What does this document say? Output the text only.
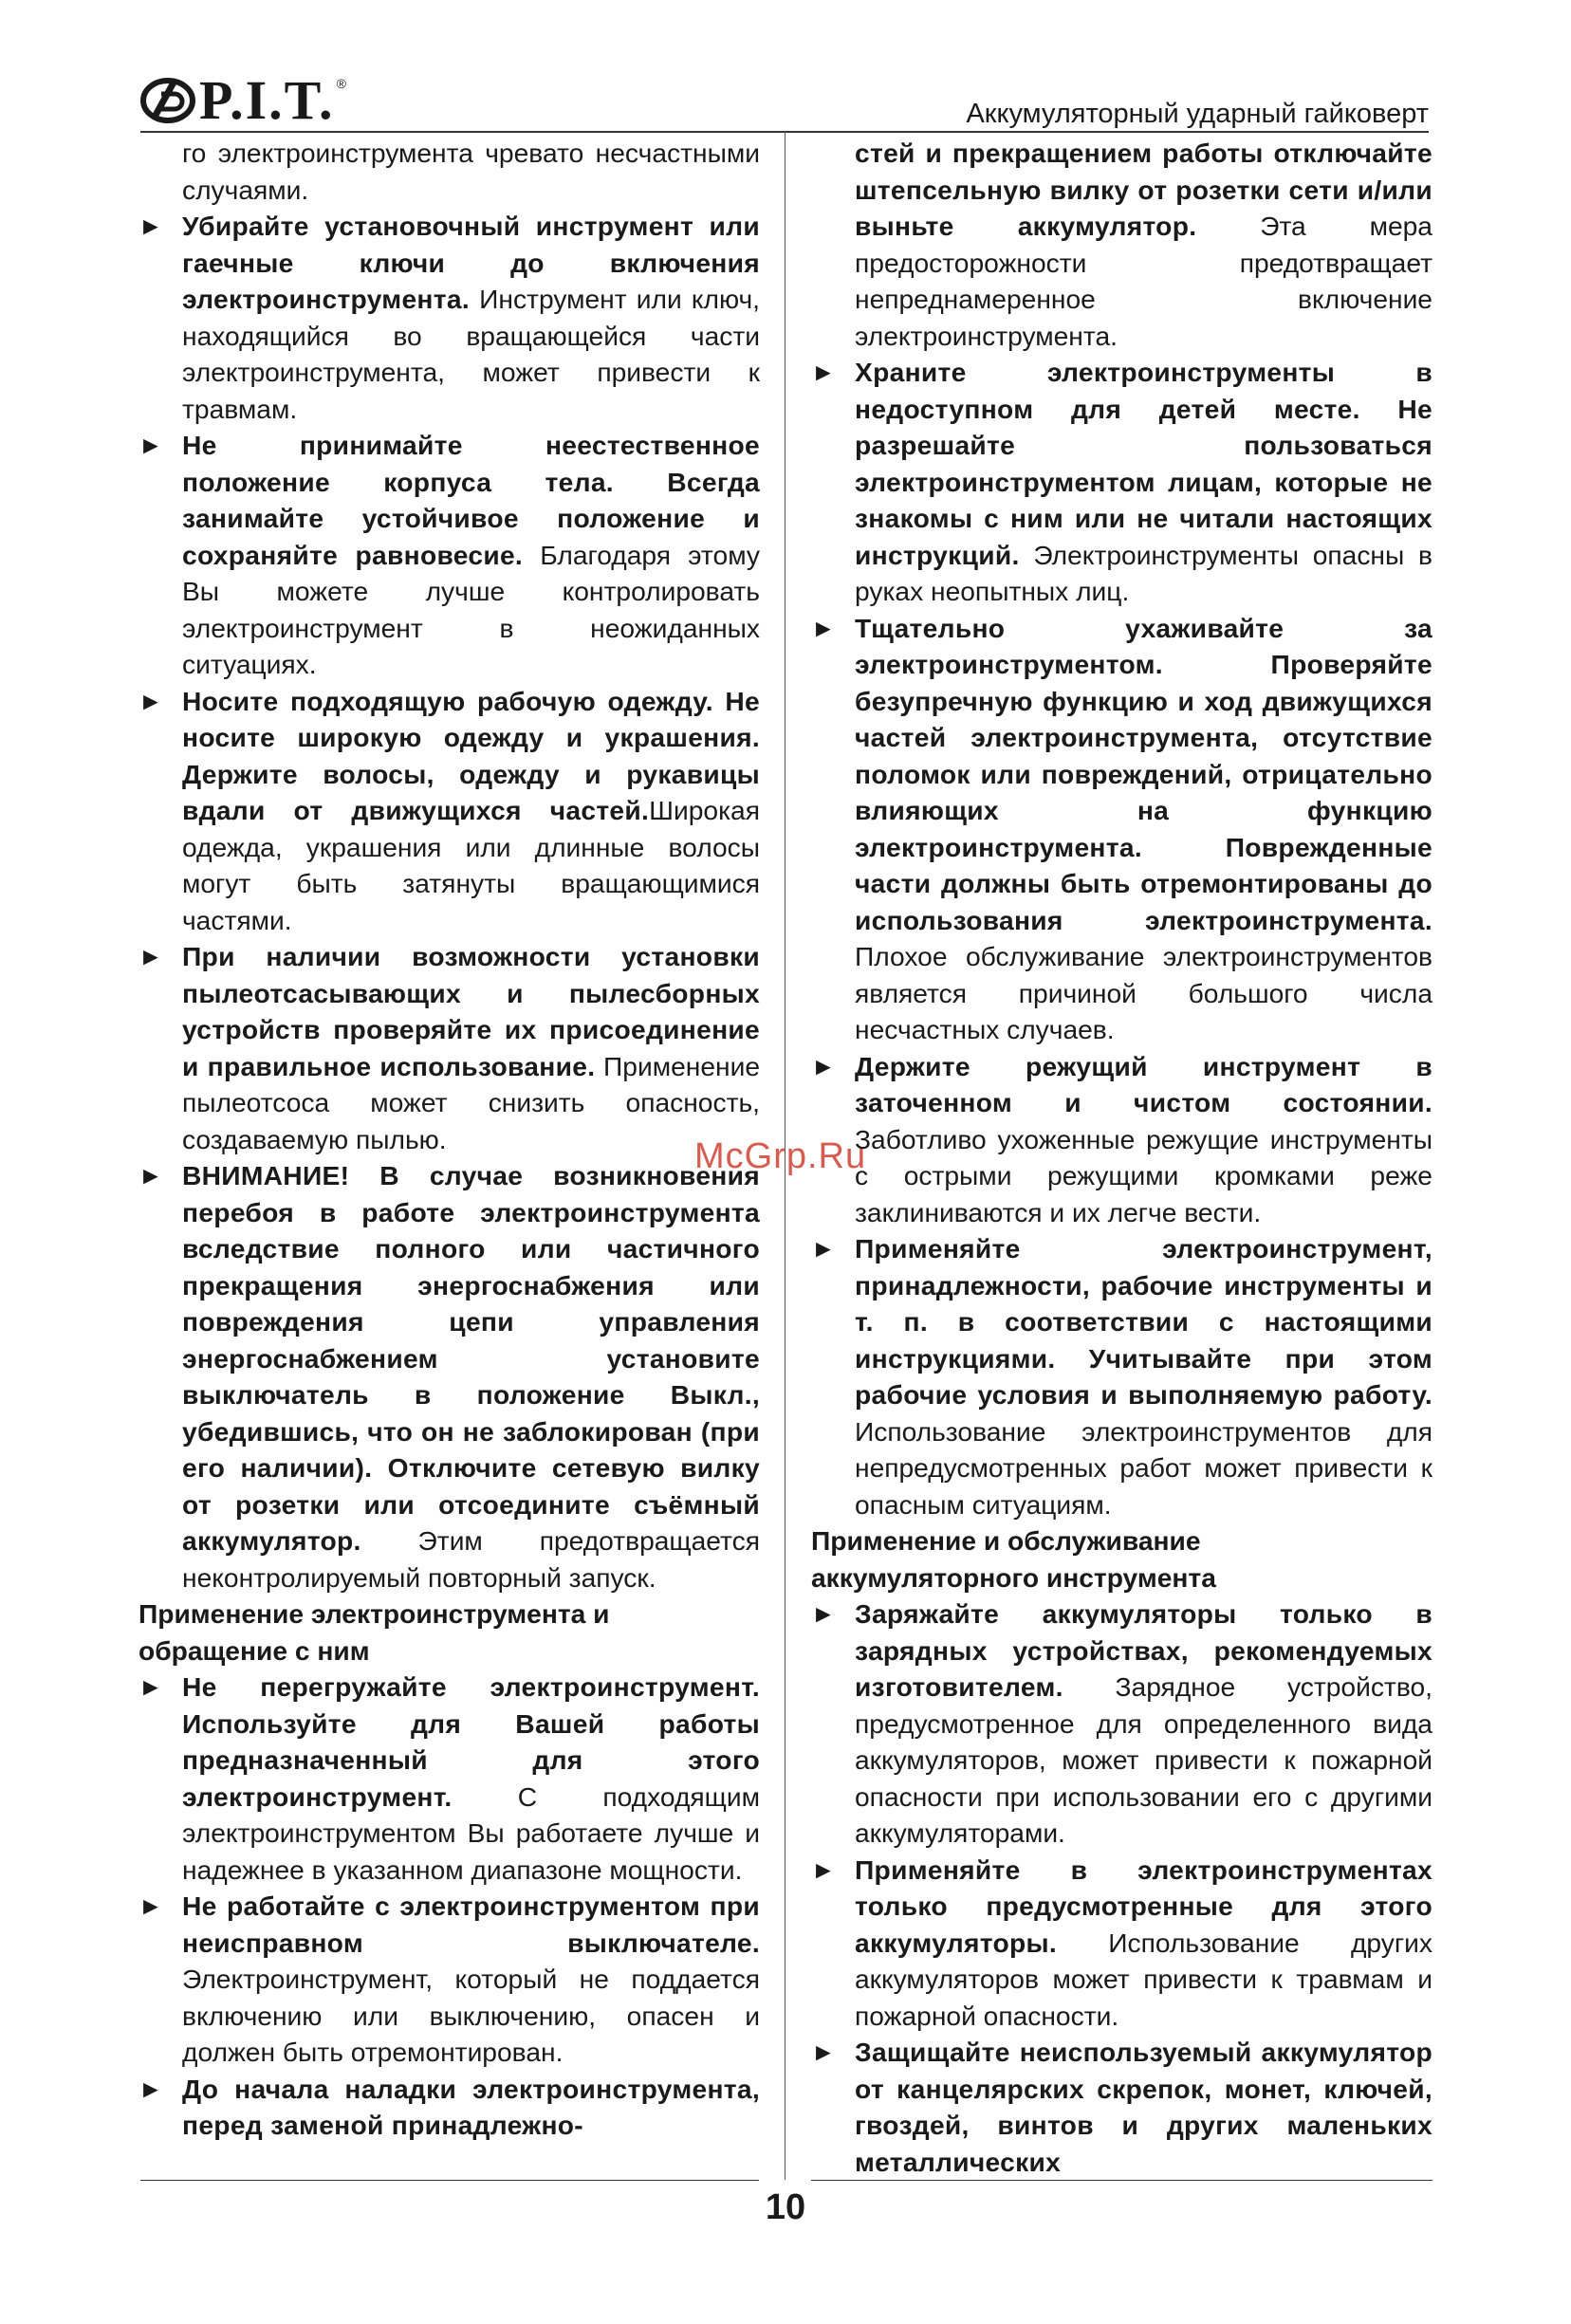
P.I.T. ®
Аккумуляторный ударный гайковерт
го электроинструмента чревато несчастными случаями.
► Убирайте установочный инструмент или гаечные ключи до включения электроинструмента. Инструмент или ключ, находящийся во вращающейся части электроинструмента, может привести к травмам.
► Не принимайте неестественное положение корпуса тела. Всегда занимайте устойчивое положение и сохраняйте равновесие. Благодаря этому Вы можете лучше контролировать электроинструмент в неожиданных ситуациях.
► Носите подходящую рабочую одежду. Не носите широкую одежду и украшения. Держите волосы, одежду и рукавицы вдали от движущихся частей.Широкая одежда, украшения или длинные волосы могут быть затянуты вращающимися частями.
► При наличии возможности установки пылеотсасывающих и пылесборных устройств проверяйте их присоединение и правильное использование. Применение пылеотсоса может снизить опасность, создаваемую пылью.
► ВНИМАНИЕ! В случае возникновения перебоя в работе электроинструмента вследствие полного или частичного прекращения энергоснабжения или повреждения цепи управления энергоснабжением установите выключатель в положение Выкл., убедившись, что он не заблокирован (при его наличии). Отключите сетевую вилку от розетки или отсоедините съёмный аккумулятор. Этим предотвращается неконтролируемый повторный запуск.
Применение электроинструмента и обращение с ним
► Не перегружайте электроинструмент. Используйте для Вашей работы предназначенный для этого электроинструмент. С подходящим электроинструментом Вы работаете лучше и надежнее в указанном диапазоне мощности.
► Не работайте с электроинструментом при неисправном выключателе. Электроинструмент, который не поддается включению или выключению, опасен и должен быть отремонтирован.
► До начала наладки электроинструмента, перед заменой принадлежно-
стей и прекращением работы отключайте штепсельную вилку от розетки сети и/или выньте аккумулятор. Эта мера предосторожности предотвращает непреднамеренное включение электроинструмента.
► Храните электроинструменты в недоступном для детей месте. Не разрешайте пользоваться электроинструментом лицам, которые не знакомы с ним или не читали настоящих инструкций. Электроинструменты опасны в руках неопытных лиц.
► Тщательно ухаживайте за электроинструментом. Проверяйте безупречную функцию и ход движущихся частей электроинструмента, отсутствие поломок или повреждений, отрицательно влияющих на функцию электроинструмента. Поврежденные части должны быть отремонтированы до использования электроинструмента. Плохое обслуживание электроинструментов является причиной большого числа несчастных случаев.
► Держите режущий инструмент в заточенном и чистом состоянии. Заботливо ухоженные режущие инструменты с острыми режущими кромками реже заклиниваются и их легче вести.
► Применяйте электроинструмент, принадлежности, рабочие инструменты и т. п. в соответствии с настоящими инструкциями. Учитывайте при этом рабочие условия и выполняемую работу. Использование электроинструментов для непредусмотренных работ может привести к опасным ситуациям.
Применение и обслуживание аккумуляторного инструмента
► Заряжайте аккумуляторы только в зарядных устройствах, рекомендуемых изготовителем. Зарядное устройство, предусмотренное для определенного вида аккумуляторов, может привести к пожарной опасности при использовании его с другими аккумуляторами.
► Применяйте в электроинструментах только предусмотренные для этого аккумуляторы. Использование других аккумуляторов может привести к травмам и пожарной опасности.
► Защищайте неиспользуемый аккумулятор от канцелярских скрепок, монет, ключей, гвоздей, винтов и других маленьких металлических
10
McGrp.Ru
